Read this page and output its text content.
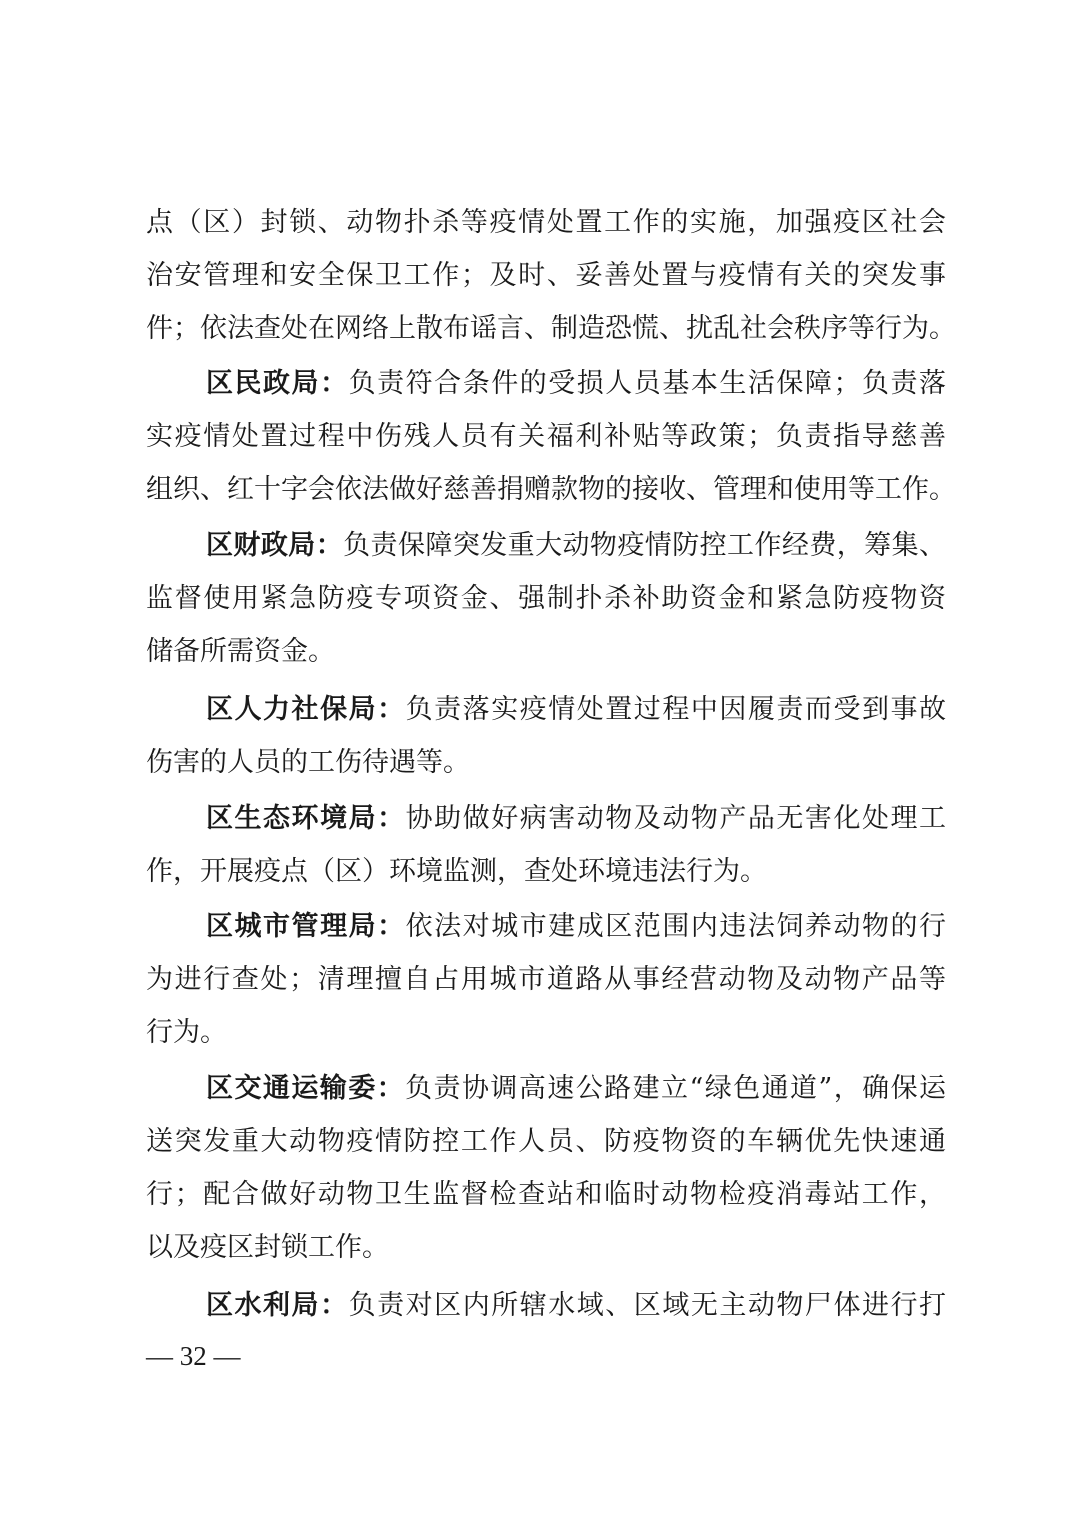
点（区）封锁、动物扑杀等疫情处置工作的实施，加强疫区社会
治安管理和安全保卫工作；及时、妥善处置与疫情有关的突发事
件；依法查处在网络上散布谣言、制造恐慌、扰乱社会秩序等行为。
区民政局：负责符合条件的受损人员基本生活保障；负责落
实疫情处置过程中伤残人员有关福利补贴等政策；负责指导慈善
组织、红十字会依法做好慈善捐赠款物的接收、管理和使用等工作。
区财政局：负责保障突发重大动物疫情防控工作经费，筹集、
监督使用紧急防疫专项资金、强制扑杀补助资金和紧急防疫物资
储备所需资金。
区人力社保局：负责落实疫情处置过程中因履责而受到事故
伤害的人员的工伤待遇等。
区生态环境局：协助做好病害动物及动物产品无害化处理工
作，开展疫点（区）环境监测，查处环境违法行为。
区城市管理局：依法对城市建成区范围内违法饲养动物的行
为进行查处；清理擅自占用城市道路从事经营动物及动物产品等
行为。
区交通运输委：负责协调高速公路建立“绿色通道”，确保运
送突发重大动物疫情防控工作人员、防疫物资的车辆优先快速通
行；配合做好动物卫生监督检查站和临时动物检疫消毒站工作，
以及疫区封锁工作。
区水利局：负责对区内所辖水域、区域无主动物尸体进行打
— 32 —
